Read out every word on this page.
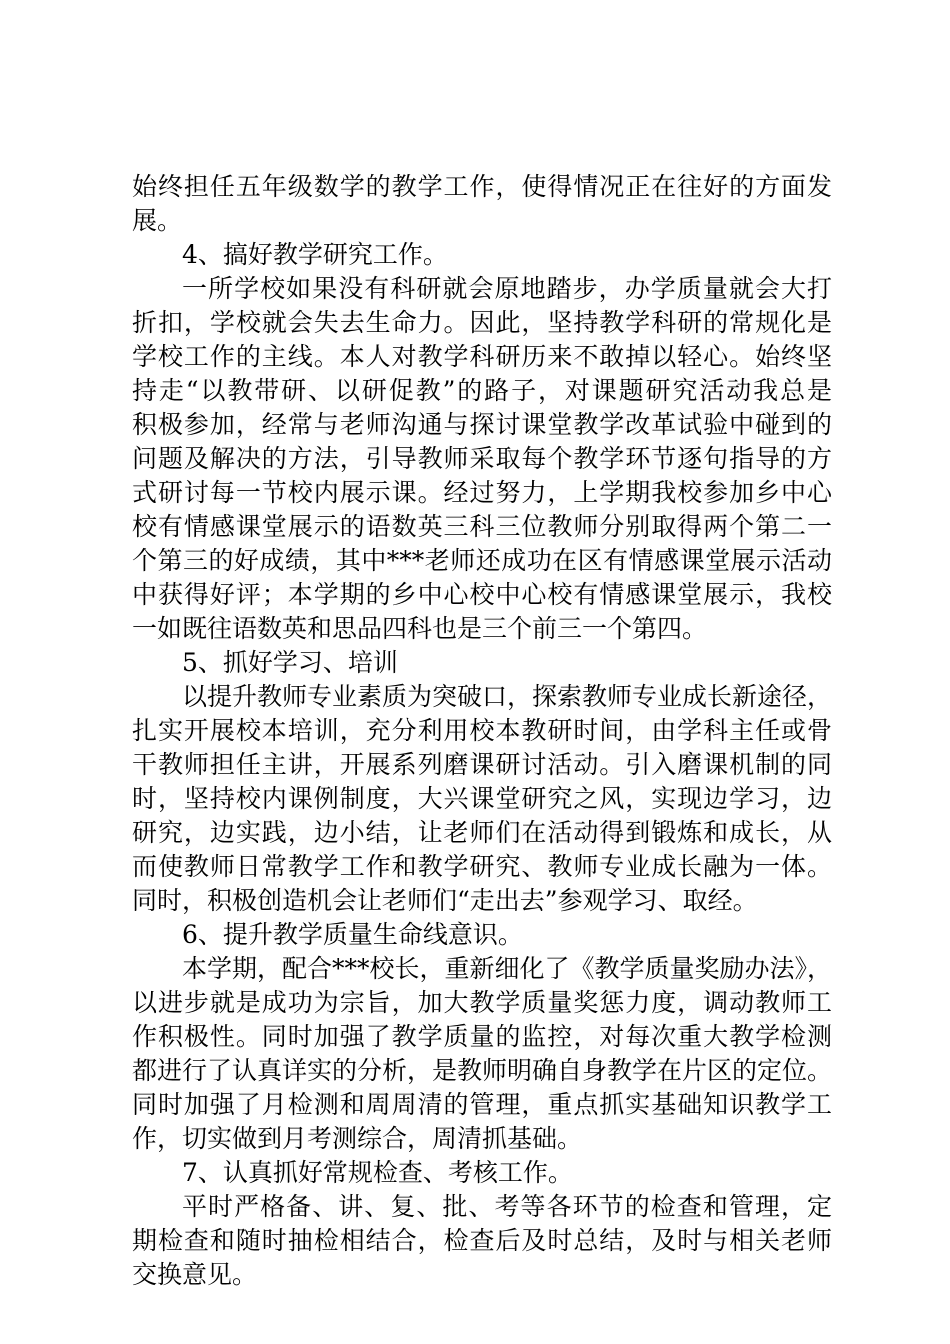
始终担任五年级数学的教学工作，使得情况正在往好的方面发
展。
4、搞好教学研究工作。
一所学校如果没有科研就会原地踏步，办学质量就会大打
折扣，学校就会失去生命力。因此，坚持教学科研的常规化是
学校工作的主线。本人对教学科研历来不敢掉以轻心。始终坚
持走“以教带研、以研促教”的路子，对课题研究活动我总是
积极参加，经常与老师沟通与探讨课堂教学改革试验中碰到的
问题及解决的方法，引导教师采取每个教学环节逐句指导的方
式研讨每一节校内展示课。经过努力，上学期我校参加乡中心
校有情感课堂展示的语数英三科三位教师分别取得两个第二一
个第三的好成绩，其中***老师还成功在区有情感课堂展示活动
中获得好评；本学期的乡中心校中心校有情感课堂展示，我校
一如既往语数英和思品四科也是三个前三一个第四。
5、抓好学习、培训
以提升教师专业素质为突破口，探索教师专业成长新途径，
扎实开展校本培训，充分利用校本教研时间，由学科主任或骨
干教师担任主讲，开展系列磨课研讨活动。引入磨课机制的同
时，坚持校内课例制度，大兴课堂研究之风，实现边学习，边
研究，边实践，边小结，让老师们在活动得到锻炼和成长，从
而使教师日常教学工作和教学研究、教师专业成长融为一体。
同时，积极创造机会让老师们“走出去”参观学习、取经。
6、提升教学质量生命线意识。
本学期，配合***校长，重新细化了《教学质量奖励办法》，
以进步就是成功为宗旨，加大教学质量奖惩力度，调动教师工
作积极性。同时加强了教学质量的监控，对每次重大教学检测
都进行了认真详实的分析，是教师明确自身教学在片区的定位。
同时加强了月检测和周周清的管理，重点抓实基础知识教学工
作，切实做到月考测综合，周清抓基础。
7、认真抓好常规检查、考核工作。
平时严格备、讲、复、批、考等各环节的检查和管理，定
期检查和随时抽检相结合，检查后及时总结，及时与相关老师
交换意见。
